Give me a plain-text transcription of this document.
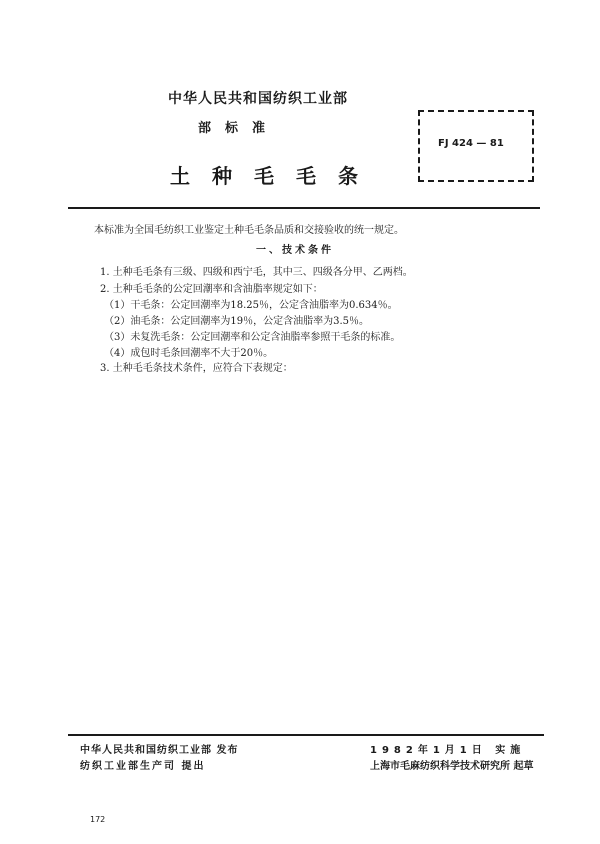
中华人民共和国纺织工业部
部标准
土种毛毛条
FJ 424 — 81
本标准为全国毛纺织工业鉴定土种毛毛条品质和交接验收的统一规定。
一、技术条件
1. 土种毛毛条有三级、四级和西宁毛，其中三、四级各分甲、乙两档。
2. 土种毛毛条的公定回潮率和含油脂率规定如下：
（1）干毛条：公定回潮率为18.25％，公定含油脂率为0.634％。
（2）油毛条：公定回潮率为19％，公定含油脂率为3.5％。
（3）未复洗毛条：公定回潮率和公定含油脂率参照干毛条的标准。
（4）成包时毛条回潮率不大于20％。
3. 土种毛毛条技术条件，应符合下表规定：
中华人民共和国纺织工业部 发布
纺织工业部生产司 提出
1982年1月1日 实施
上海市毛麻纺织科学技术研究所 起草
172
